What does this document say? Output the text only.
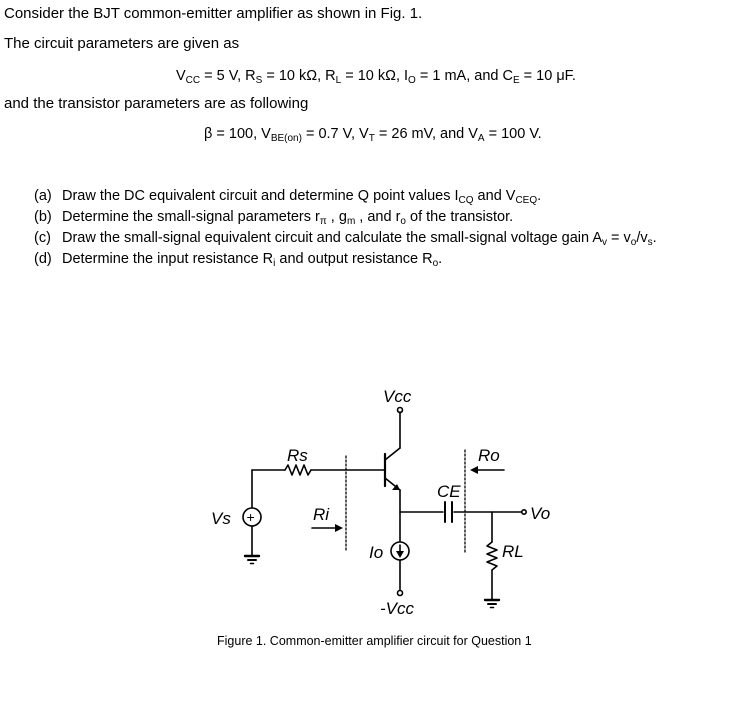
Consider the BJT common-emitter amplifier as shown in Fig. 1.
The circuit parameters are given as
$V_{CC} = 5$ V, $R_S = 10$ kΩ, $R_L = 10$ kΩ, $I_O = 1$ mA, and $C_E = 10$ μF.
and the transistor parameters are as following
β = 100, $V_{BE(on)} = 0.7$ V, $V_T = 26$ mV, and $V_A = 100$ V.
(a) Draw the DC equivalent circuit and determine Q point values $I_{CQ}$ and $V_{CEQ}$.
(b) Determine the small-signal parameters $r_\pi$ , $g_m$ , and $r_o$ of the transistor.
(c) Draw the small-signal equivalent circuit and calculate the small-signal voltage gain $A_v = v_o/v_s$.
(d) Determine the input resistance $R_i$ and output resistance $R_o$.
Vcc
Rs
Ri
+
Vs
CE
Vo
Ro
RL
Io
-Vcc
Figure 1. Common-emitter amplifier circuit for Question 1
